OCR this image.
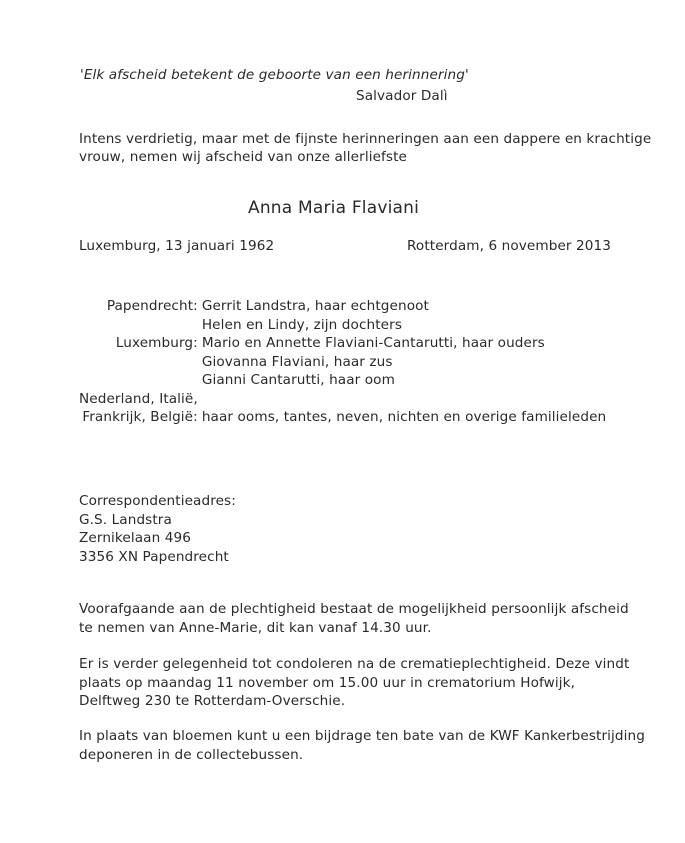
'Elk afscheid betekent de geboorte van een herinnering'
Salvador Dalì
Intens verdrietig, maar met de fijnste herinneringen aan een dappere en krachtige
vrouw, nemen wij afscheid van onze allerliefste
Anna Maria Flaviani
Luxemburg, 13 januari 1962	Rotterdam, 6 november 2013
Papendrecht:	Gerrit Landstra, haar echtgenoot
	Helen en Lindy, zijn dochters
Luxemburg:	Mario en Annette Flaviani-Cantarutti, haar ouders
	Giovanna Flaviani, haar zus
	Gianni Cantarutti, haar oom
Nederland, Italië,	
Frankrijk, België:	haar ooms, tantes, neven, nichten en overige familieleden

Correspondentieadres:

G.S. Landstra

Zernikelaan 496

3356 XN Papendrecht

Voorafgaande aan de plechtigheid bestaat de mogelijkheid persoonlijk afscheid

te nemen van Anne-Marie, dit kan vanaf 14.30 uur.

Er is verder gelegenheid tot condoleren na de crematieplechtigheid. Deze vindt

plaats op maandag 11 november om 15.00 uur in crematorium Hofwijk,

Delftweg 230 te Rotterdam-Overschie.

In plaats van bloemen kunt u een bijdrage ten bate van de KWF Kankerbestrijding

deponeren in de collectebussen.
